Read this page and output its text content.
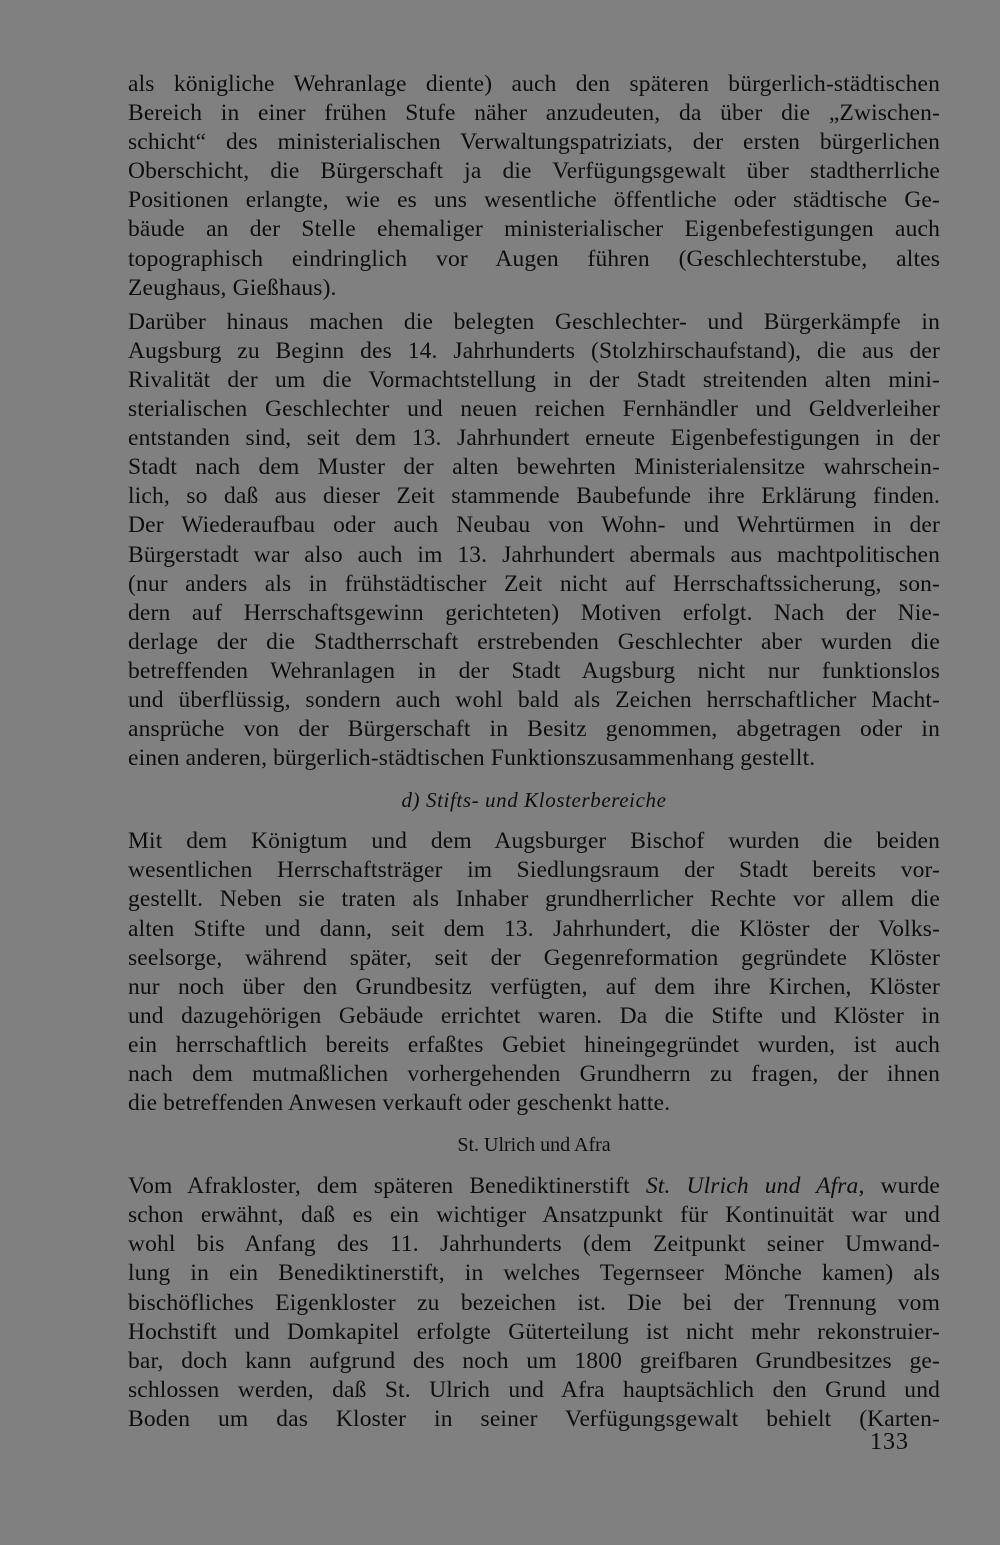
als königliche Wehranlage diente) auch den späteren bürgerlich-städtischen
Bereich in einer frühen Stufe näher anzudeuten, da über die „Zwischen-
schicht“ des ministerialischen Verwaltungspatriziats, der ersten bürgerlichen
Oberschicht, die Bürgerschaft ja die Verfügungsgewalt über stadtherrliche
Positionen erlangte, wie es uns wesentliche öffentliche oder städtische Ge-
bäude an der Stelle ehemaliger ministerialischer Eigenbefestigungen auch
topographisch eindringlich vor Augen führen (Geschlechterstube, altes
Zeughaus, Gießhaus).
Darüber hinaus machen die belegten Geschlechter- und Bürgerkämpfe in
Augsburg zu Beginn des 14. Jahrhunderts (Stolzhirschaufstand), die aus der
Rivalität der um die Vormachtstellung in der Stadt streitenden alten mini-
sterialischen Geschlechter und neuen reichen Fernhändler und Geldverleiher
entstanden sind, seit dem 13. Jahrhundert erneute Eigenbefestigungen in der
Stadt nach dem Muster der alten bewehrten Ministerialensitze wahrschein-
lich, so daß aus dieser Zeit stammende Baubefunde ihre Erklärung finden.
Der Wiederaufbau oder auch Neubau von Wohn- und Wehrtürmen in der
Bürgerstadt war also auch im 13. Jahrhundert abermals aus machtpolitischen
(nur anders als in frühstädtischer Zeit nicht auf Herrschaftssicherung, son-
dern auf Herrschaftsgewinn gerichteten) Motiven erfolgt. Nach der Nie-
derlage der die Stadtherrschaft erstrebenden Geschlechter aber wurden die
betreffenden Wehranlagen in der Stadt Augsburg nicht nur funktionslos
und überflüssig, sondern auch wohl bald als Zeichen herrschaftlicher Macht-
ansprüche von der Bürgerschaft in Besitz genommen, abgetragen oder in
einen anderen, bürgerlich-städtischen Funktionszusammenhang gestellt.
d) Stifts- und Klosterbereiche
Mit dem Königtum und dem Augsburger Bischof wurden die beiden
wesentlichen Herrschaftsträger im Siedlungsraum der Stadt bereits vor-
gestellt. Neben sie traten als Inhaber grundherrlicher Rechte vor allem die
alten Stifte und dann, seit dem 13. Jahrhundert, die Klöster der Volks-
seelsorge, während später, seit der Gegenreformation gegründete Klöster
nur noch über den Grundbesitz verfügten, auf dem ihre Kirchen, Klöster
und dazugehörigen Gebäude errichtet waren. Da die Stifte und Klöster in
ein herrschaftlich bereits erfaßtes Gebiet hineingegründet wurden, ist auch
nach dem mutmaßlichen vorhergehenden Grundherrn zu fragen, der ihnen
die betreffenden Anwesen verkauft oder geschenkt hatte.
St. Ulrich und Afra
Vom Afrakloster, dem späteren Benediktinerstift St. Ulrich und Afra, wurde
schon erwähnt, daß es ein wichtiger Ansatzpunkt für Kontinuität war und
wohl bis Anfang des 11. Jahrhunderts (dem Zeitpunkt seiner Umwand-
lung in ein Benediktinerstift, in welches Tegernseer Mönche kamen) als
bischöfliches Eigenkloster zu bezeichen ist. Die bei der Trennung vom
Hochstift und Domkapitel erfolgte Güterteilung ist nicht mehr rekonstruier-
bar, doch kann aufgrund des noch um 1800 greifbaren Grundbesitzes ge-
schlossen werden, daß St. Ulrich und Afra hauptsächlich den Grund und
Boden um das Kloster in seiner Verfügungsgewalt behielt (Karten-
133
